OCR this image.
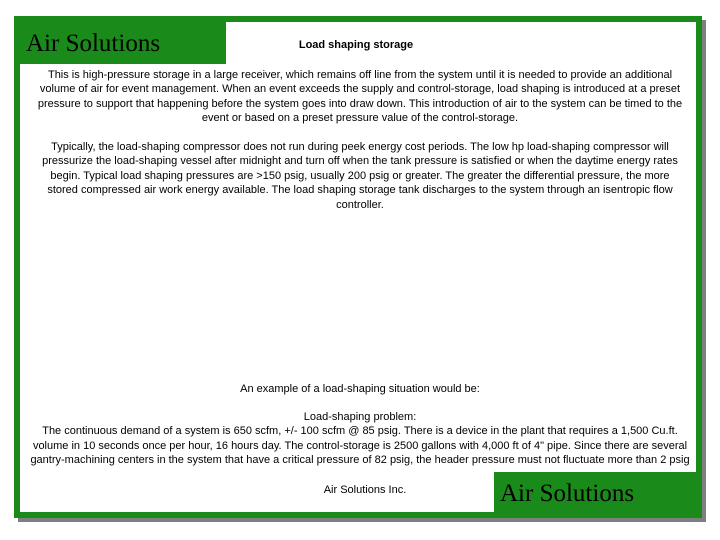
Air Solutions	Load shaping storage
This is high-pressure storage in a large receiver, which remains off line from the system until it is needed to provide an additional volume of air for event management. When an event exceeds the supply and control-storage, load shaping is introduced at a preset pressure to support that happening before the system goes into draw down. This introduction of air to the system can be timed to the event or based on a preset pressure value of the control-storage.
Typically, the load-shaping compressor does not run during peek energy cost periods. The low hp load-shaping compressor will pressurize the load-shaping vessel after midnight and turn off when the tank pressure is satisfied or when the daytime energy rates begin. Typical load shaping pressures are >150 psig, usually 200 psig or greater. The greater the differential pressure, the more stored compressed air work energy available. The load shaping storage tank discharges to the system through an isentropic flow controller.
An example of a load-shaping situation would be:
Load-shaping problem:
The continuous demand of a system is 650 scfm, +/- 100 scfm @ 85 psig. There is a device in the plant that requires a 1,500 Cu.ft. volume in 10 seconds once per hour, 16 hours day. The control-storage is 2500 gallons with 4,000 ft of 4" pipe. Since there are several gantry-machining centers in the system that have a critical pressure of 82 psig, the header pressure must not fluctuate more than 2 psig
Air Solutions Inc.	Air Solutions
